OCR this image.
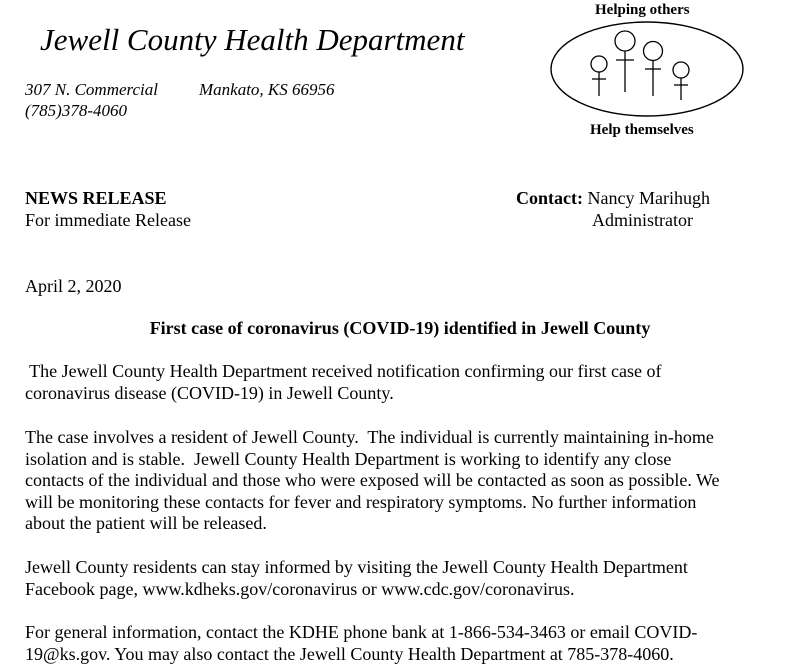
Jewell County Health Department
307 N. Commercial Mankato, KS 66956
(785)378-4060
Helping others
Help themselves
NEWS RELEASE
For immediate Release
Contact: Nancy Marihugh
Administrator
April 2, 2020
First case of coronavirus (COVID-19) identified in Jewell County
The Jewell County Health Department received notification confirming our first case of
coronavirus disease (COVID-19) in Jewell County.
The case involves a resident of Jewell County.  The individual is currently maintaining in-home
isolation and is stable.  Jewell County Health Department is working to identify any close
contacts of the individual and those who were exposed will be contacted as soon as possible. We
will be monitoring these contacts for fever and respiratory symptoms. No further information
about the patient will be released.
Jewell County residents can stay informed by visiting the Jewell County Health Department
Facebook page, www.kdheks.gov/coronavirus or www.cdc.gov/coronavirus.
For general information, contact the KDHE phone bank at 1-866-534-3463 or email COVID-
19@ks.gov. You may also contact the Jewell County Health Department at 785-378-4060.
